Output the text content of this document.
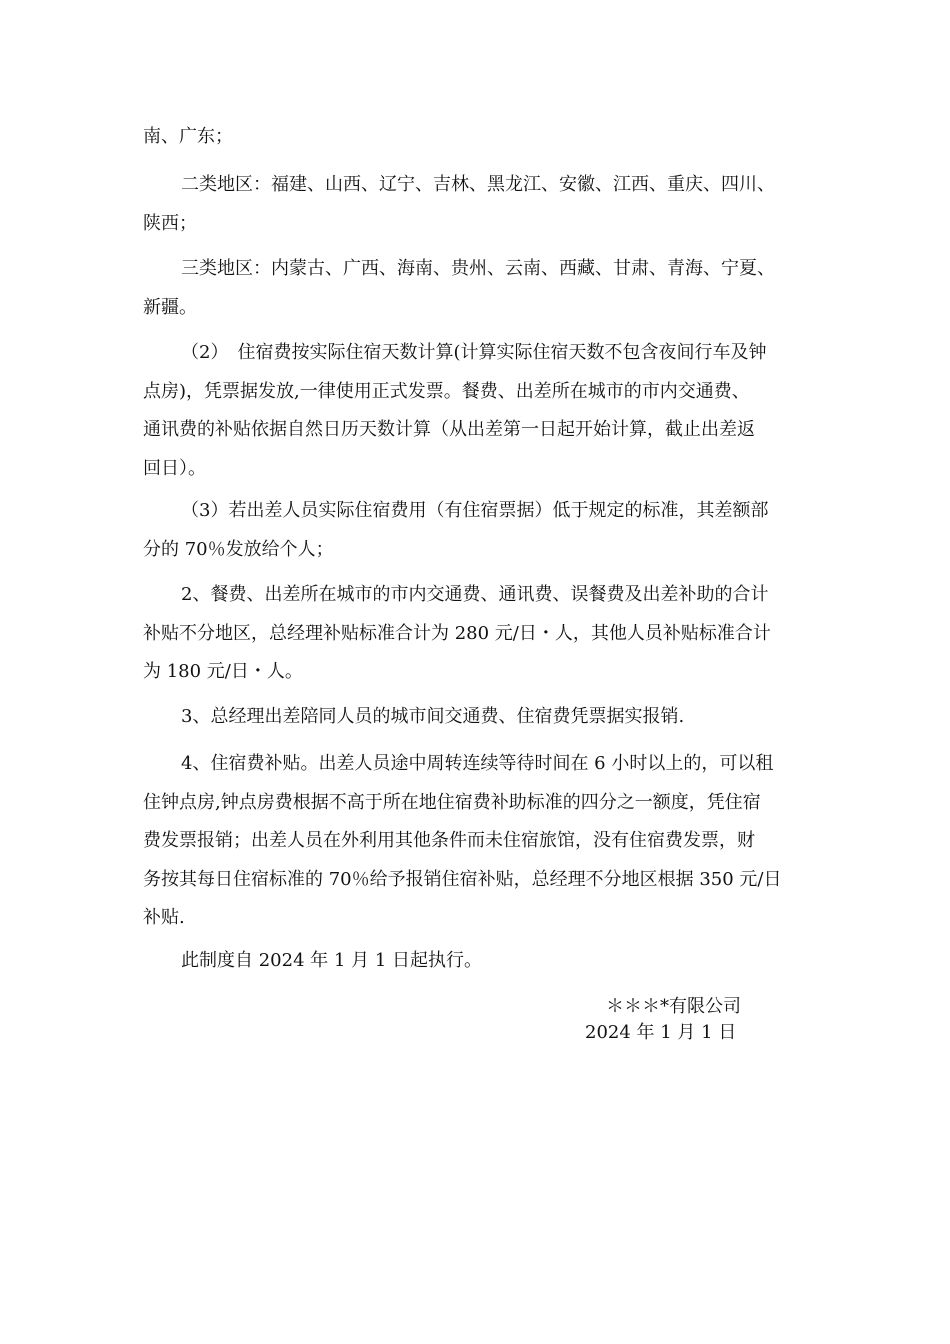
南、广东；
二类地区：福建、山西、辽宁、吉林、黑龙江、安徽、江西、重庆、四川、
陕西；
三类地区：内蒙古、广西、海南、贵州、云南、西藏、甘肃、青海、宁夏、
新疆。
（2）　住宿费按实际住宿天数计算(计算实际住宿天数不包含夜间行车及钟
点房)，凭票据发放,一律使用正式发票。餐费、出差所在城市的市内交通费、
通讯费的补贴依据自然日历天数计算（从出差第一日起开始计算，截止出差返
回日）。
（3）若出差人员实际住宿费用（有住宿票据）低于规定的标准，其差额部
分的 70％发放给个人；
2、餐费、出差所在城市的市内交通费、通讯费、误餐费及出差补助的合计
补贴不分地区，总经理补贴标准合计为 280 元/日・人，其他人员补贴标准合计
为 180 元/日・人。
3、总经理出差陪同人员的城市间交通费、住宿费凭票据实报销.
4、住宿费补贴。出差人员途中周转连续等待时间在 6 小时以上的，可以租
住钟点房,钟点房费根据不高于所在地住宿费补助标准的四分之一额度，凭住宿
费发票报销；出差人员在外利用其他条件而未住宿旅馆，没有住宿费发票，财
务按其每日住宿标准的 70％给予报销住宿补贴，总经理不分地区根据 350 元/日
补贴.
此制度自 2024 年 1 月 1 日起执行。
＊＊＊*有限公司
2024 年 1 月 1 日
